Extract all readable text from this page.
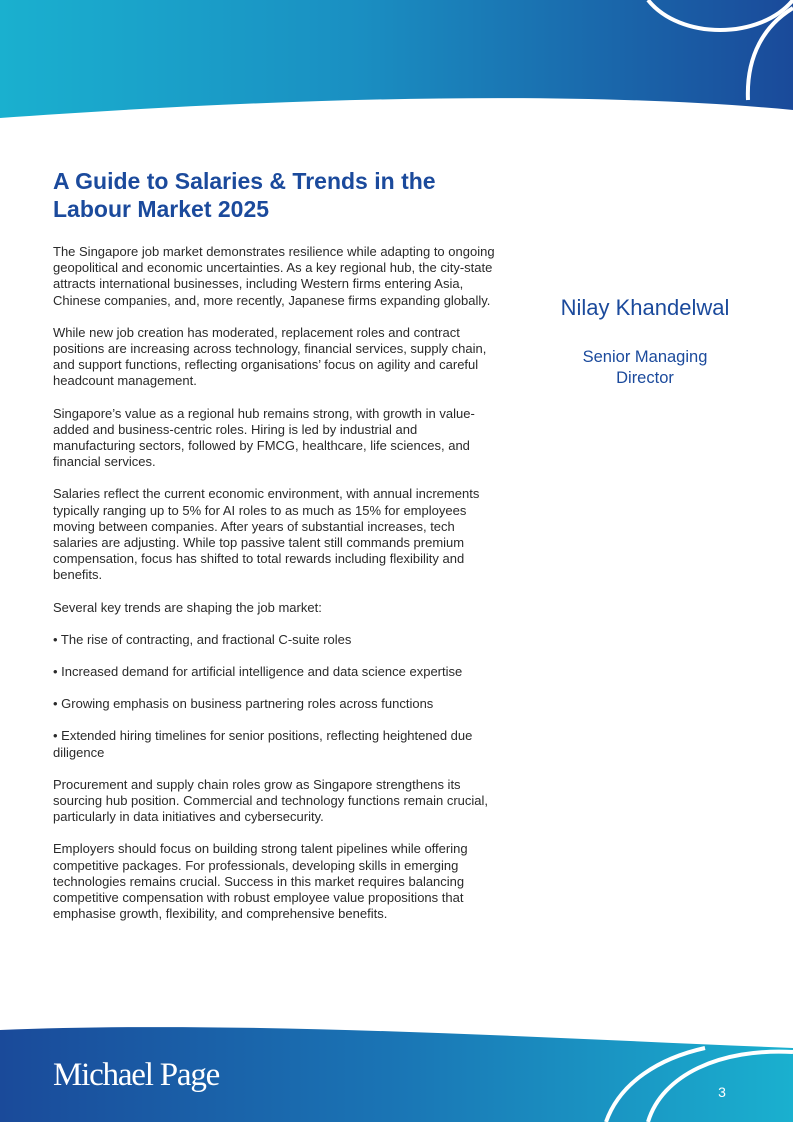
A Guide to Salaries & Trends in the Labour Market 2025

The Singapore job market demonstrates resilience while adapting to ongoing geopolitical and economic uncertainties. As a key regional hub, the city-state attracts international businesses, including Western firms entering Asia, Chinese companies, and, more recently, Japanese firms expanding globally.

While new job creation has moderated, replacement roles and contract positions are increasing across technology, financial services, supply chain, and support functions, reflecting organisations’ focus on agility and careful headcount management.

Singapore’s value as a regional hub remains strong, with growth in value-added and business-centric roles. Hiring is led by industrial and manufacturing sectors, followed by FMCG, healthcare, life sciences, and financial services.

Salaries reflect the current economic environment, with annual increments typically ranging up to 5% for AI roles to as much as 15% for employees moving between companies. After years of substantial increases, tech salaries are adjusting. While top passive talent still commands premium compensation, focus has shifted to total rewards including flexibility and benefits.

Several key trends are shaping the job market:

• The rise of contracting, and fractional C-suite roles

• Increased demand for artificial intelligence and data science expertise

• Growing emphasis on business partnering roles across functions

• Extended hiring timelines for senior positions, reflecting heightened due diligence

Procurement and supply chain roles grow as Singapore strengthens its sourcing hub position. Commercial and technology functions remain crucial, particularly in data initiatives and cybersecurity.

Employers should focus on building strong talent pipelines while offering competitive packages. For professionals, developing skills in emerging technologies remains crucial. Success in this market requires balancing competitive compensation with robust employee value propositions that emphasise growth, flexibility, and comprehensive benefits.

Nilay Khandelwal
Senior Managing Director
Michael Page	3
